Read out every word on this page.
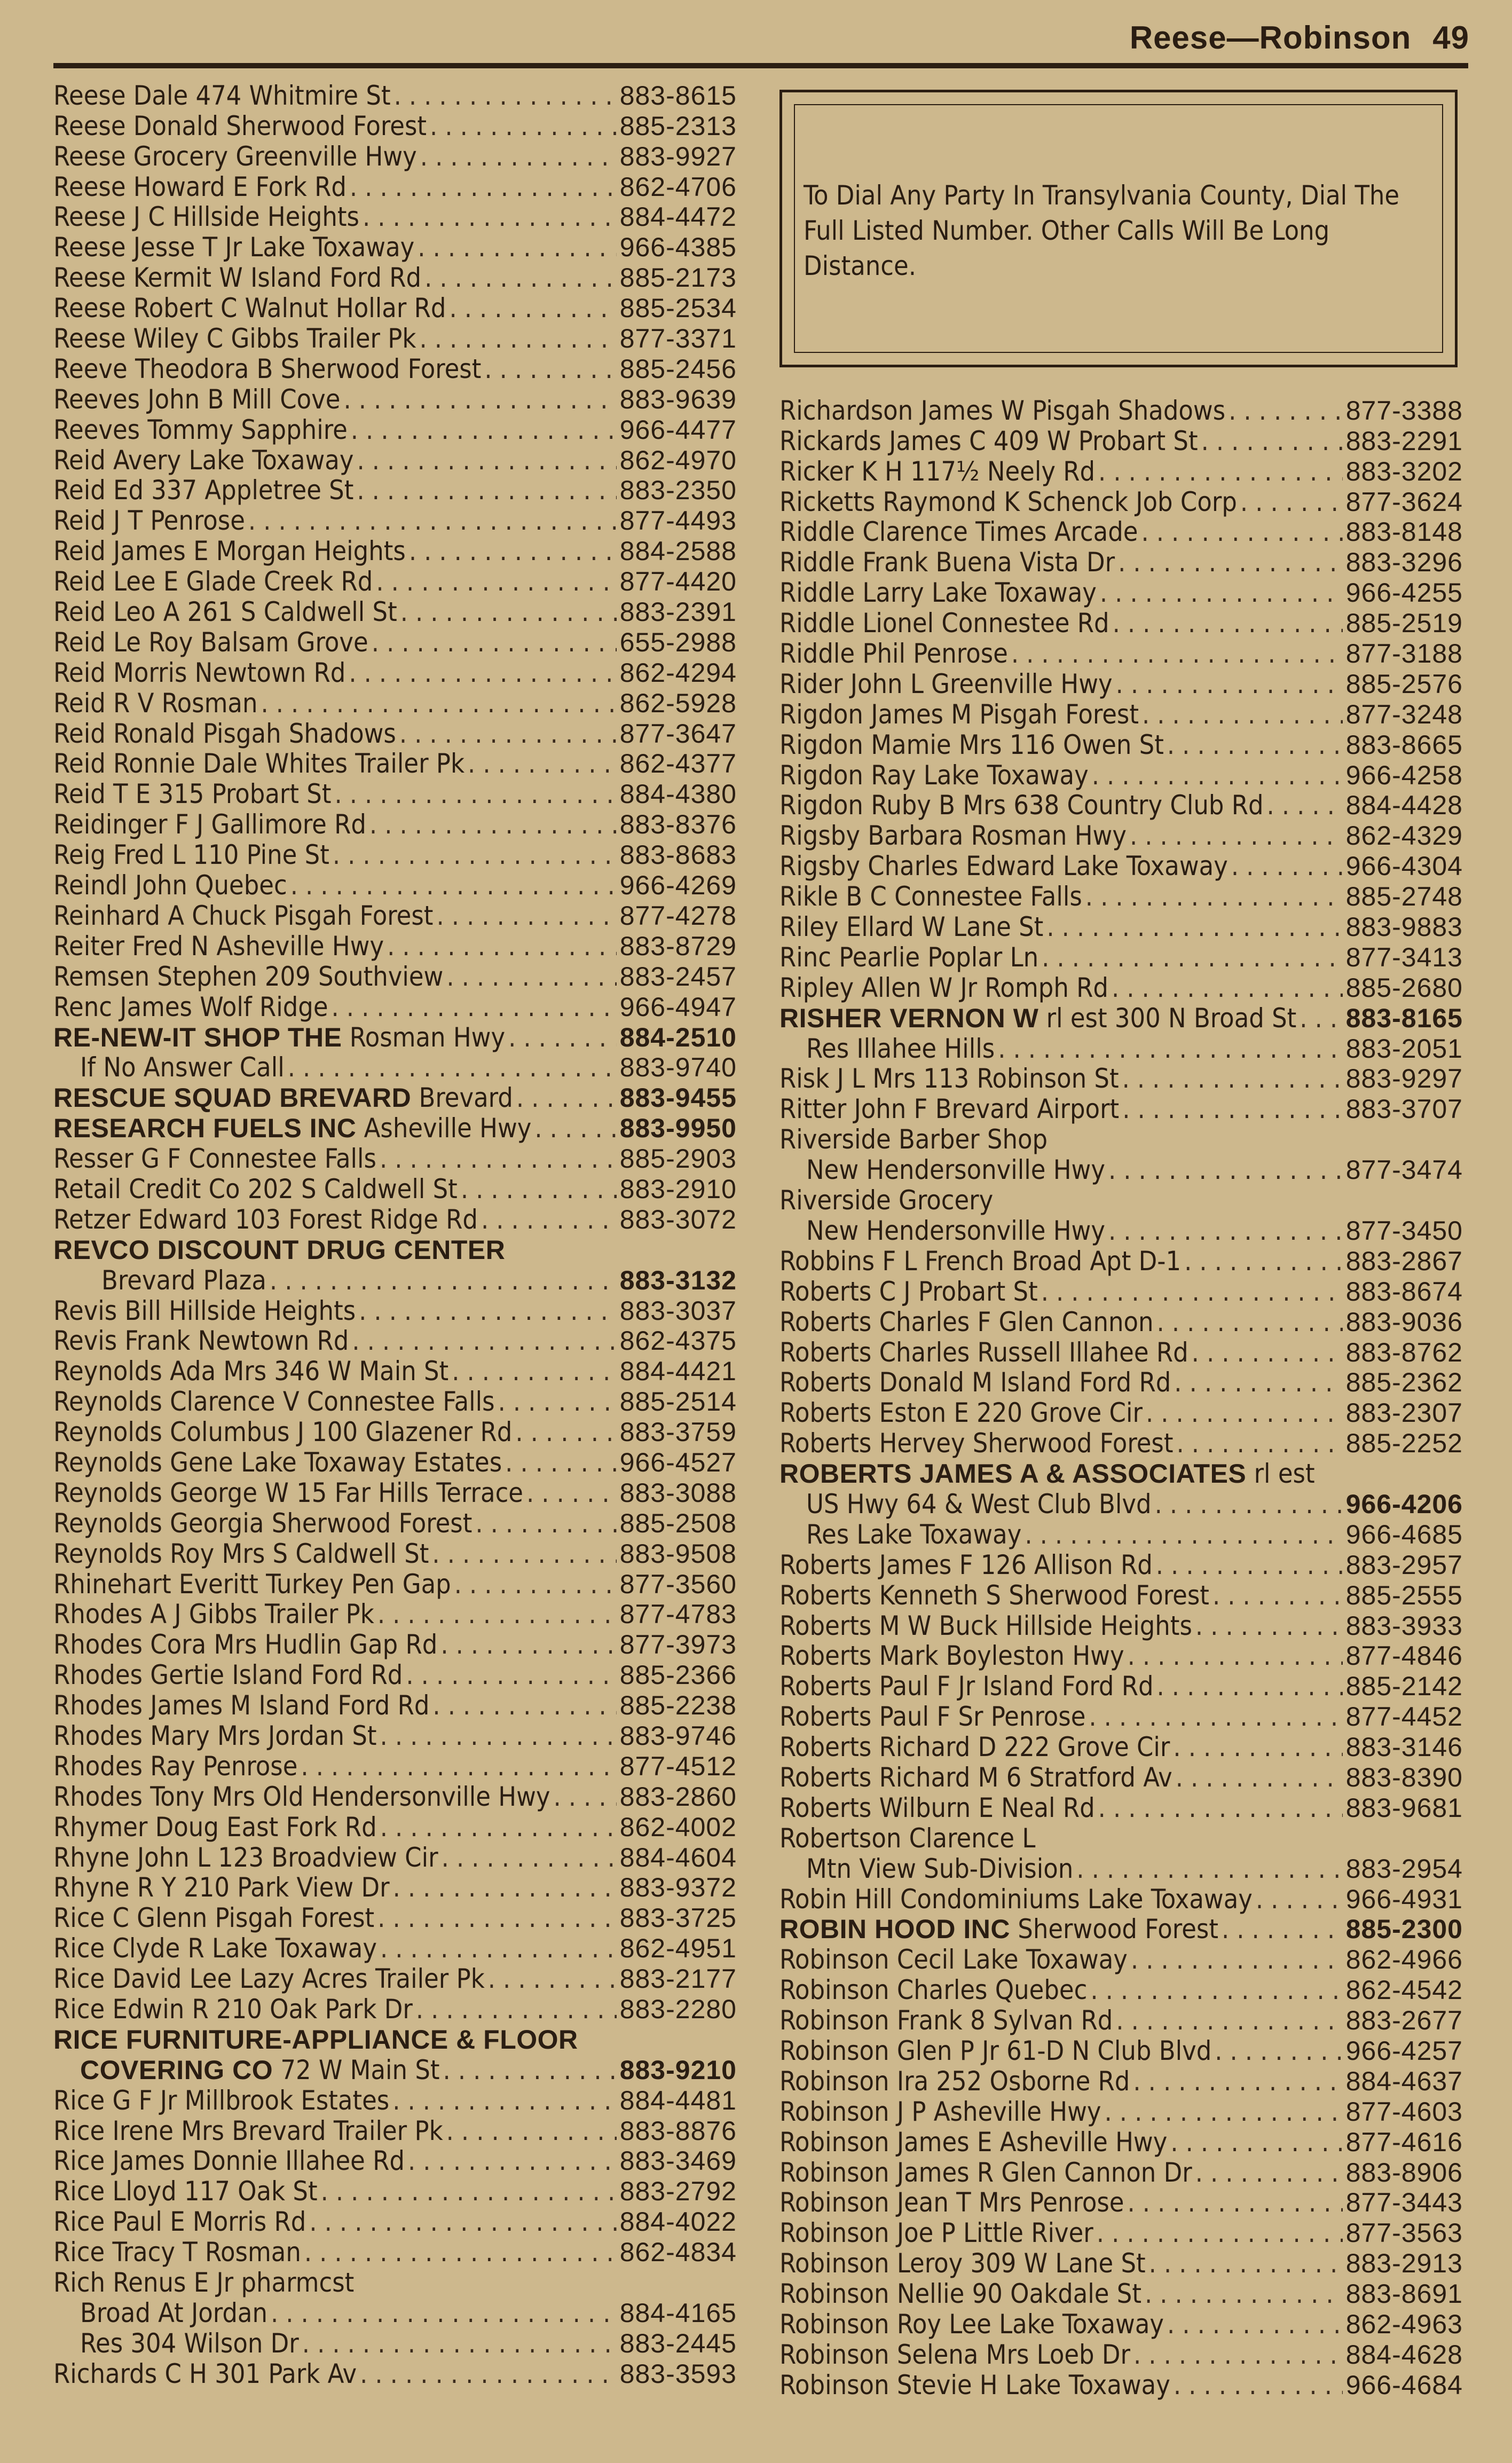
Reese—Robinson 49
Reese Dale 474 Whitmire St .....	883-8615
Reese Donald Sherwood Forest .....	885-2313
Reese Grocery Greenville Hwy .....	883-9927
Reese Howard E Fork Rd .....	862-4706
Reese J C Hillside Heights .....	884-4472
Reese Jesse T Jr Lake Toxaway .....	966-4385
Reese Kermit W Island Ford Rd .....	885-2173
Reese Robert C Walnut Hollar Rd .....	885-2534
Reese Wiley C Gibbs Trailer Pk .....	877-3371
Reeve Theodora B Sherwood Forest .....	885-2456
Reeves John B Mill Cove .....	883-9639
Reeves Tommy Sapphire .....	966-4477
Reid Avery Lake Toxaway .....	862-4970
Reid Ed 337 Appletree St .....	883-2350
Reid J T Penrose .....	877-4493
Reid James E Morgan Heights .....	884-2588
Reid Lee E Glade Creek Rd .....	877-4420
Reid Leo A 261 S Caldwell St .....	883-2391
Reid Le Roy Balsam Grove .....	655-2988
Reid Morris Newtown Rd .....	862-4294
Reid R V Rosman .....	862-5928
Reid Ronald Pisgah Shadows .....	877-3647
Reid Ronnie Dale Whites Trailer Pk .....	862-4377
Reid T E 315 Probart St .....	884-4380
Reidinger F J Gallimore Rd .....	883-8376
Reig Fred L 110 Pine St .....	883-8683
Reindl John Quebec .....	966-4269
Reinhard A Chuck Pisgah Forest .....	877-4278
Reiter Fred N Asheville Hwy .....	883-8729
Remsen Stephen 209 Southview .....	883-2457
Renc James Wolf Ridge .....	966-4947
RE-NEW-IT SHOP THE Rosman Hwy .....	884-2510
If No Answer Call .....	883-9740
RESCUE SQUAD BREVARD Brevard .....	883-9455
RESEARCH FUELS INC Asheville Hwy .....	883-9950
Resser G F Connestee Falls .....	885-2903
Retail Credit Co 202 S Caldwell St .....	883-2910
Retzer Edward 103 Forest Ridge Rd .....	883-3072
REVCO DISCOUNT DRUG CENTER
Brevard Plaza .....	883-3132
Revis Bill Hillside Heights .....	883-3037
Revis Frank Newtown Rd .....	862-4375
Reynolds Ada Mrs 346 W Main St .....	884-4421
Reynolds Clarence V Connestee Falls .....	885-2514
Reynolds Columbus J 100 Glazener Rd .....	883-3759
Reynolds Gene Lake Toxaway Estates .....	966-4527
Reynolds George W 15 Far Hills Terrace .....	883-3088
Reynolds Georgia Sherwood Forest .....	885-2508
Reynolds Roy Mrs S Caldwell St .....	883-9508
Rhinehart Everitt Turkey Pen Gap .....	877-3560
Rhodes A J Gibbs Trailer Pk .....	877-4783
Rhodes Cora Mrs Hudlin Gap Rd .....	877-3973
Rhodes Gertie Island Ford Rd .....	885-2366
Rhodes James M Island Ford Rd .....	885-2238
Rhodes Mary Mrs Jordan St .....	883-9746
Rhodes Ray Penrose .....	877-4512
Rhodes Tony Mrs Old Hendersonville Hwy .....	883-2860
Rhymer Doug East Fork Rd .....	862-4002
Rhyne John L 123 Broadview Cir .....	884-4604
Rhyne R Y 210 Park View Dr .....	883-9372
Rice C Glenn Pisgah Forest .....	883-3725
Rice Clyde R Lake Toxaway .....	862-4951
Rice David Lee Lazy Acres Trailer Pk .....	883-2177
Rice Edwin R 210 Oak Park Dr .....	883-2280
RICE FURNITURE-APPLIANCE & FLOOR
COVERING CO 72 W Main St .....	883-9210
Rice G F Jr Millbrook Estates .....	884-4481
Rice Irene Mrs Brevard Trailer Pk .....	883-8876
Rice James Donnie Illahee Rd .....	883-3469
Rice Lloyd 117 Oak St .....	883-2792
Rice Paul E Morris Rd .....	884-4022
Rice Tracy T Rosman .....	862-4834
Rich Renus E Jr pharmcst
Broad At Jordan .....	884-4165
Res 304 Wilson Dr .....	883-2445
Richards C H 301 Park Av .....	883-3593
To Dial Any Party In Transylvania County, Dial The Full Listed Number. Other Calls Will Be Long Distance.
Richardson James W Pisgah Shadows .....	877-3388
Rickards James C 409 W Probart St .....	883-2291
Ricker K H 117½ Neely Rd .....	883-3202
Ricketts Raymond K Schenck Job Corp .....	877-3624
Riddle Clarence Times Arcade .....	883-8148
Riddle Frank Buena Vista Dr .....	883-3296
Riddle Larry Lake Toxaway .....	966-4255
Riddle Lionel Connestee Rd .....	885-2519
Riddle Phil Penrose .....	877-3188
Rider John L Greenville Hwy .....	885-2576
Rigdon James M Pisgah Forest .....	877-3248
Rigdon Mamie Mrs 116 Owen St .....	883-8665
Rigdon Ray Lake Toxaway .....	966-4258
Rigdon Ruby B Mrs 638 Country Club Rd .....	884-4428
Rigsby Barbara Rosman Hwy .....	862-4329
Rigsby Charles Edward Lake Toxaway .....	966-4304
Rikle B C Connestee Falls .....	885-2748
Riley Ellard W Lane St .....	883-9883
Rinc Pearlie Poplar Ln .....	877-3413
Ripley Allen W Jr Romph Rd .....	885-2680
RISHER VERNON W rl est 300 N Broad St ..... 883-8165
Res Illahee Hills .....	883-2051
Risk J L Mrs 113 Robinson St .....	883-9297
Ritter John F Brevard Airport .....	883-3707
Riverside Barber Shop
New Hendersonville Hwy .....	877-3474
Riverside Grocery
New Hendersonville Hwy .....	877-3450
Robbins F L French Broad Apt D-1 .....	883-2867
Roberts C J Probart St .....	883-8674
Roberts Charles F Glen Cannon .....	883-9036
Roberts Charles Russell Illahee Rd .....	883-8762
Roberts Donald M Island Ford Rd .....	885-2362
Roberts Eston E 220 Grove Cir .....	883-2307
Roberts Hervey Sherwood Forest .....	885-2252
ROBERTS JAMES A & ASSOCIATES rl est
US Hwy 64 & West Club Blvd .....	966-4206
Res Lake Toxaway .....	966-4685
Roberts James F 126 Allison Rd .....	883-2957
Roberts Kenneth S Sherwood Forest .....	885-2555
Roberts M W Buck Hillside Heights .....	883-3933
Roberts Mark Boyleston Hwy .....	877-4846
Roberts Paul F Jr Island Ford Rd .....	885-2142
Roberts Paul F Sr Penrose .....	877-4452
Roberts Richard D 222 Grove Cir .....	883-3146
Roberts Richard M 6 Stratford Av .....	883-8390
Roberts Wilburn E Neal Rd .....	883-9681
Robertson Clarence L
Mtn View Sub-Division .....	883-2954
Robin Hill Condominiums Lake Toxaway .....	966-4931
ROBIN HOOD INC Sherwood Forest .....	885-2300
Robinson Cecil Lake Toxaway .....	862-4966
Robinson Charles Quebec .....	862-4542
Robinson Frank 8 Sylvan Rd .....	883-2677
Robinson Glen P Jr 61-D N Club Blvd .....	966-4257
Robinson Ira 252 Osborne Rd .....	884-4637
Robinson J P Asheville Hwy .....	877-4603
Robinson James E Asheville Hwy .....	877-4616
Robinson James R Glen Cannon Dr .....	883-8906
Robinson Jean T Mrs Penrose .....	877-3443
Robinson Joe P Little River .....	877-3563
Robinson Leroy 309 W Lane St .....	883-2913
Robinson Nellie 90 Oakdale St .....	883-8691
Robinson Roy Lee Lake Toxaway .....	862-4963
Robinson Selena Mrs Loeb Dr .....	884-4628
Robinson Stevie H Lake Toxaway .....	966-4684
